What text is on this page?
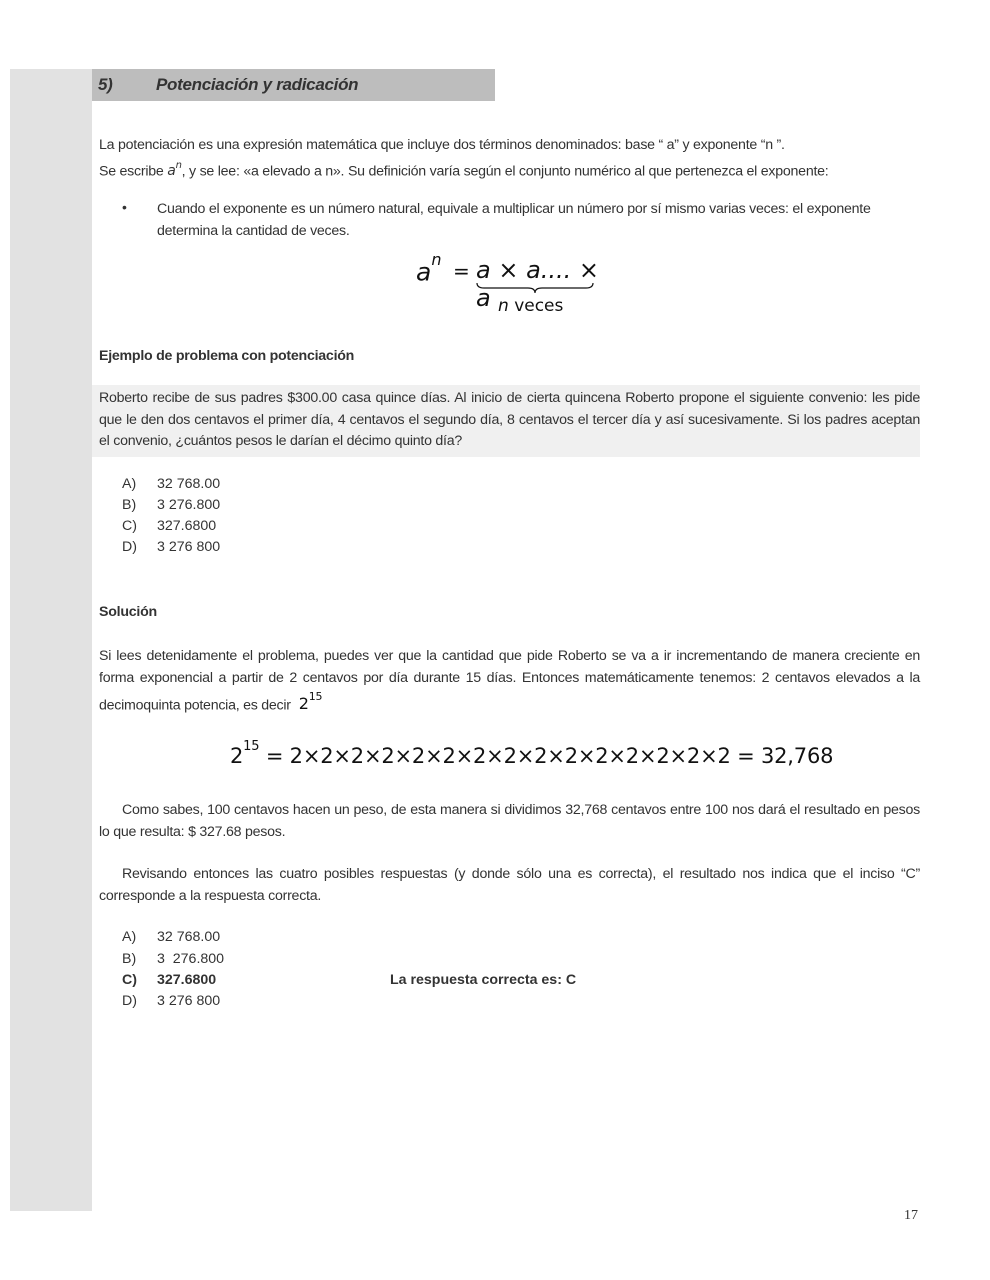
5)	Potenciación y radicación

La potenciación es una expresión matemática que incluye dos términos denominados: base “ a” y exponente “n ”.
Se escribe $a^n$, y se lee: «a elevado a n». Su definición varía según el conjunto numérico al que pertenezca el exponente:

• Cuando el exponente es un número natural, equivale a multiplicar un número por sí mismo varias veces: el exponente determina la cantidad de veces.

$a^n = a \times a$.... × a n veces

Ejemplo de problema con potenciación

Roberto recibe de sus padres $300.00 casa quince días. Al inicio de cierta quincena Roberto propone el siguiente convenio: les pide que le den dos centavos el primer día, 4 centavos el segundo día, 8 centavos el tercer día y así sucesivamente. Si los padres aceptan el convenio, ¿cuántos pesos le darían el décimo quinto día?

A) 32 768.00
B) 3 276.800
C) 327.6800
D) 3 276 800

Solución

Si lees detenidamente el problema, puedes ver que la cantidad que pide Roberto se va a ir incrementando de manera creciente en forma exponencial a partir de 2 centavos por día durante 15 días. Entonces matemáticamente tenemos: 2 centavos elevados a la decimoquinta potencia, es decir $2^{15}$

$2^{15} = 2\times 2\times 2\times 2\times 2\times 2\times 2\times 2\times 2\times 2\times 2\times 2\times 2\times 2\times 2 = 32,768$

Como sabes, 100 centavos hacen un peso, de esta manera si dividimos 32,768 centavos entre 100 nos dará el resultado en pesos lo que resulta: $ 327.68 pesos.

Revisando entonces las cuatro posibles respuestas (y donde sólo una es correcta), el resultado nos indica que el inciso “C” corresponde a la respuesta correcta.

A) 32 768.00
B) 3  276.800
C) 327.6800
D) 3 276 800
La respuesta correcta es: C
17
